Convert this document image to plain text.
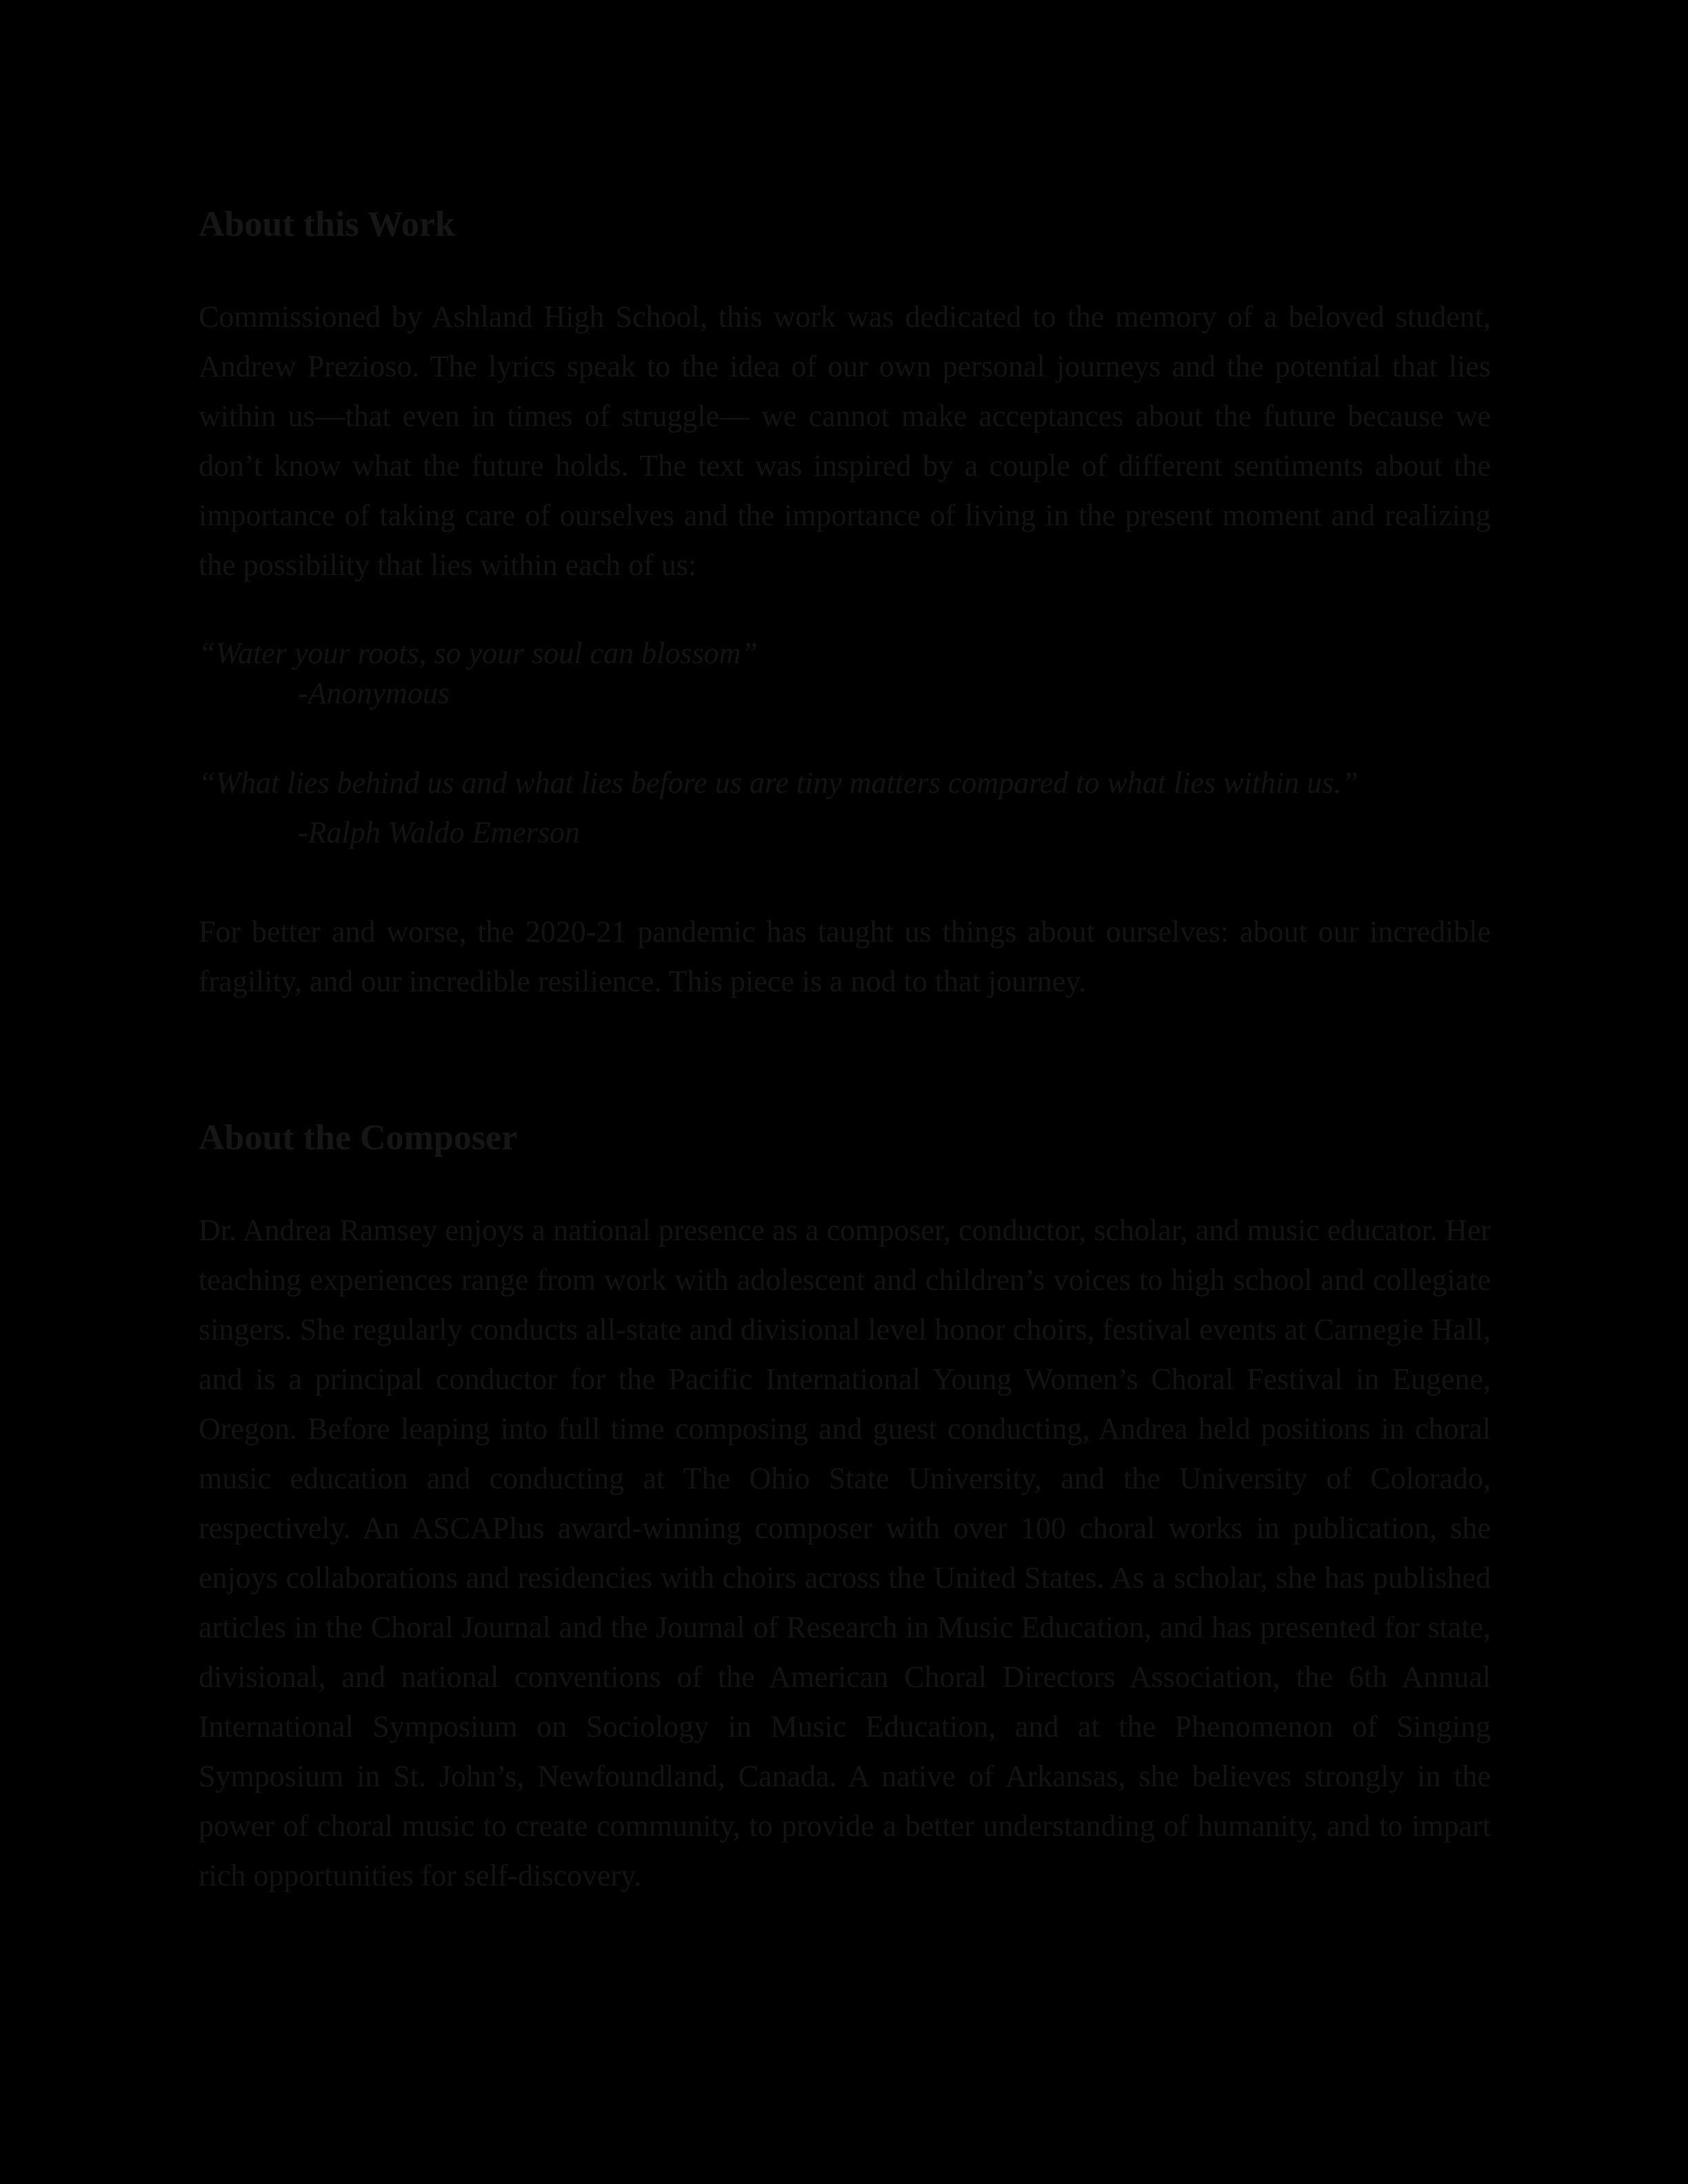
About this Work

Commissioned by Ashland High School, this work was dedicated to the memory of a beloved student, Andrew Prezioso. The lyrics speak to the idea of our own personal journeys and the potential that lies within us—that even in times of struggle— we cannot make acceptances about the future because we don’t know what the future holds. The text was inspired by a couple of different sentiments about the importance of taking care of ourselves and the importance of living in the present moment and realizing the possibility that lies within each of us:

“Water your roots, so your soul can blossom”

-Anonymous

“What lies behind us and what lies before us are tiny matters compared to what lies within us.”

-Ralph Waldo Emerson

For better and worse, the 2020-21 pandemic has taught us things about ourselves: about our incredible fragility, and our incredible resilience. This piece is a nod to that journey.

About the Composer

Dr. Andrea Ramsey enjoys a national presence as a composer, conductor, scholar, and music educator. Her teaching experiences range from work with adolescent and children’s voices to high school and collegiate singers. She regularly conducts all-state and divisional level honor choirs, festival events at Carnegie Hall, and is a principal conductor for the Pacific International Young Women’s Choral Festival in Eugene, Oregon. Before leaping into full time composing and guest conducting, Andrea held positions in choral music education and conducting at The Ohio State University, and the University of Colorado, respectively. An ASCAPlus award-winning composer with over 100 choral works in publication, she enjoys collaborations and residencies with choirs across the United States. As a scholar, she has published articles in the Choral Journal and the Journal of Research in Music Education, and has presented for state, divisional, and national conventions of the American Choral Directors Association, the 6th Annual International Symposium on Sociology in Music Education, and at the Phenomenon of Singing Symposium in St. John’s, Newfoundland, Canada. A native of Arkansas, she believes strongly in the power of choral music to create community, to provide a better understanding of humanity, and to impart rich opportunities for self-discovery.
